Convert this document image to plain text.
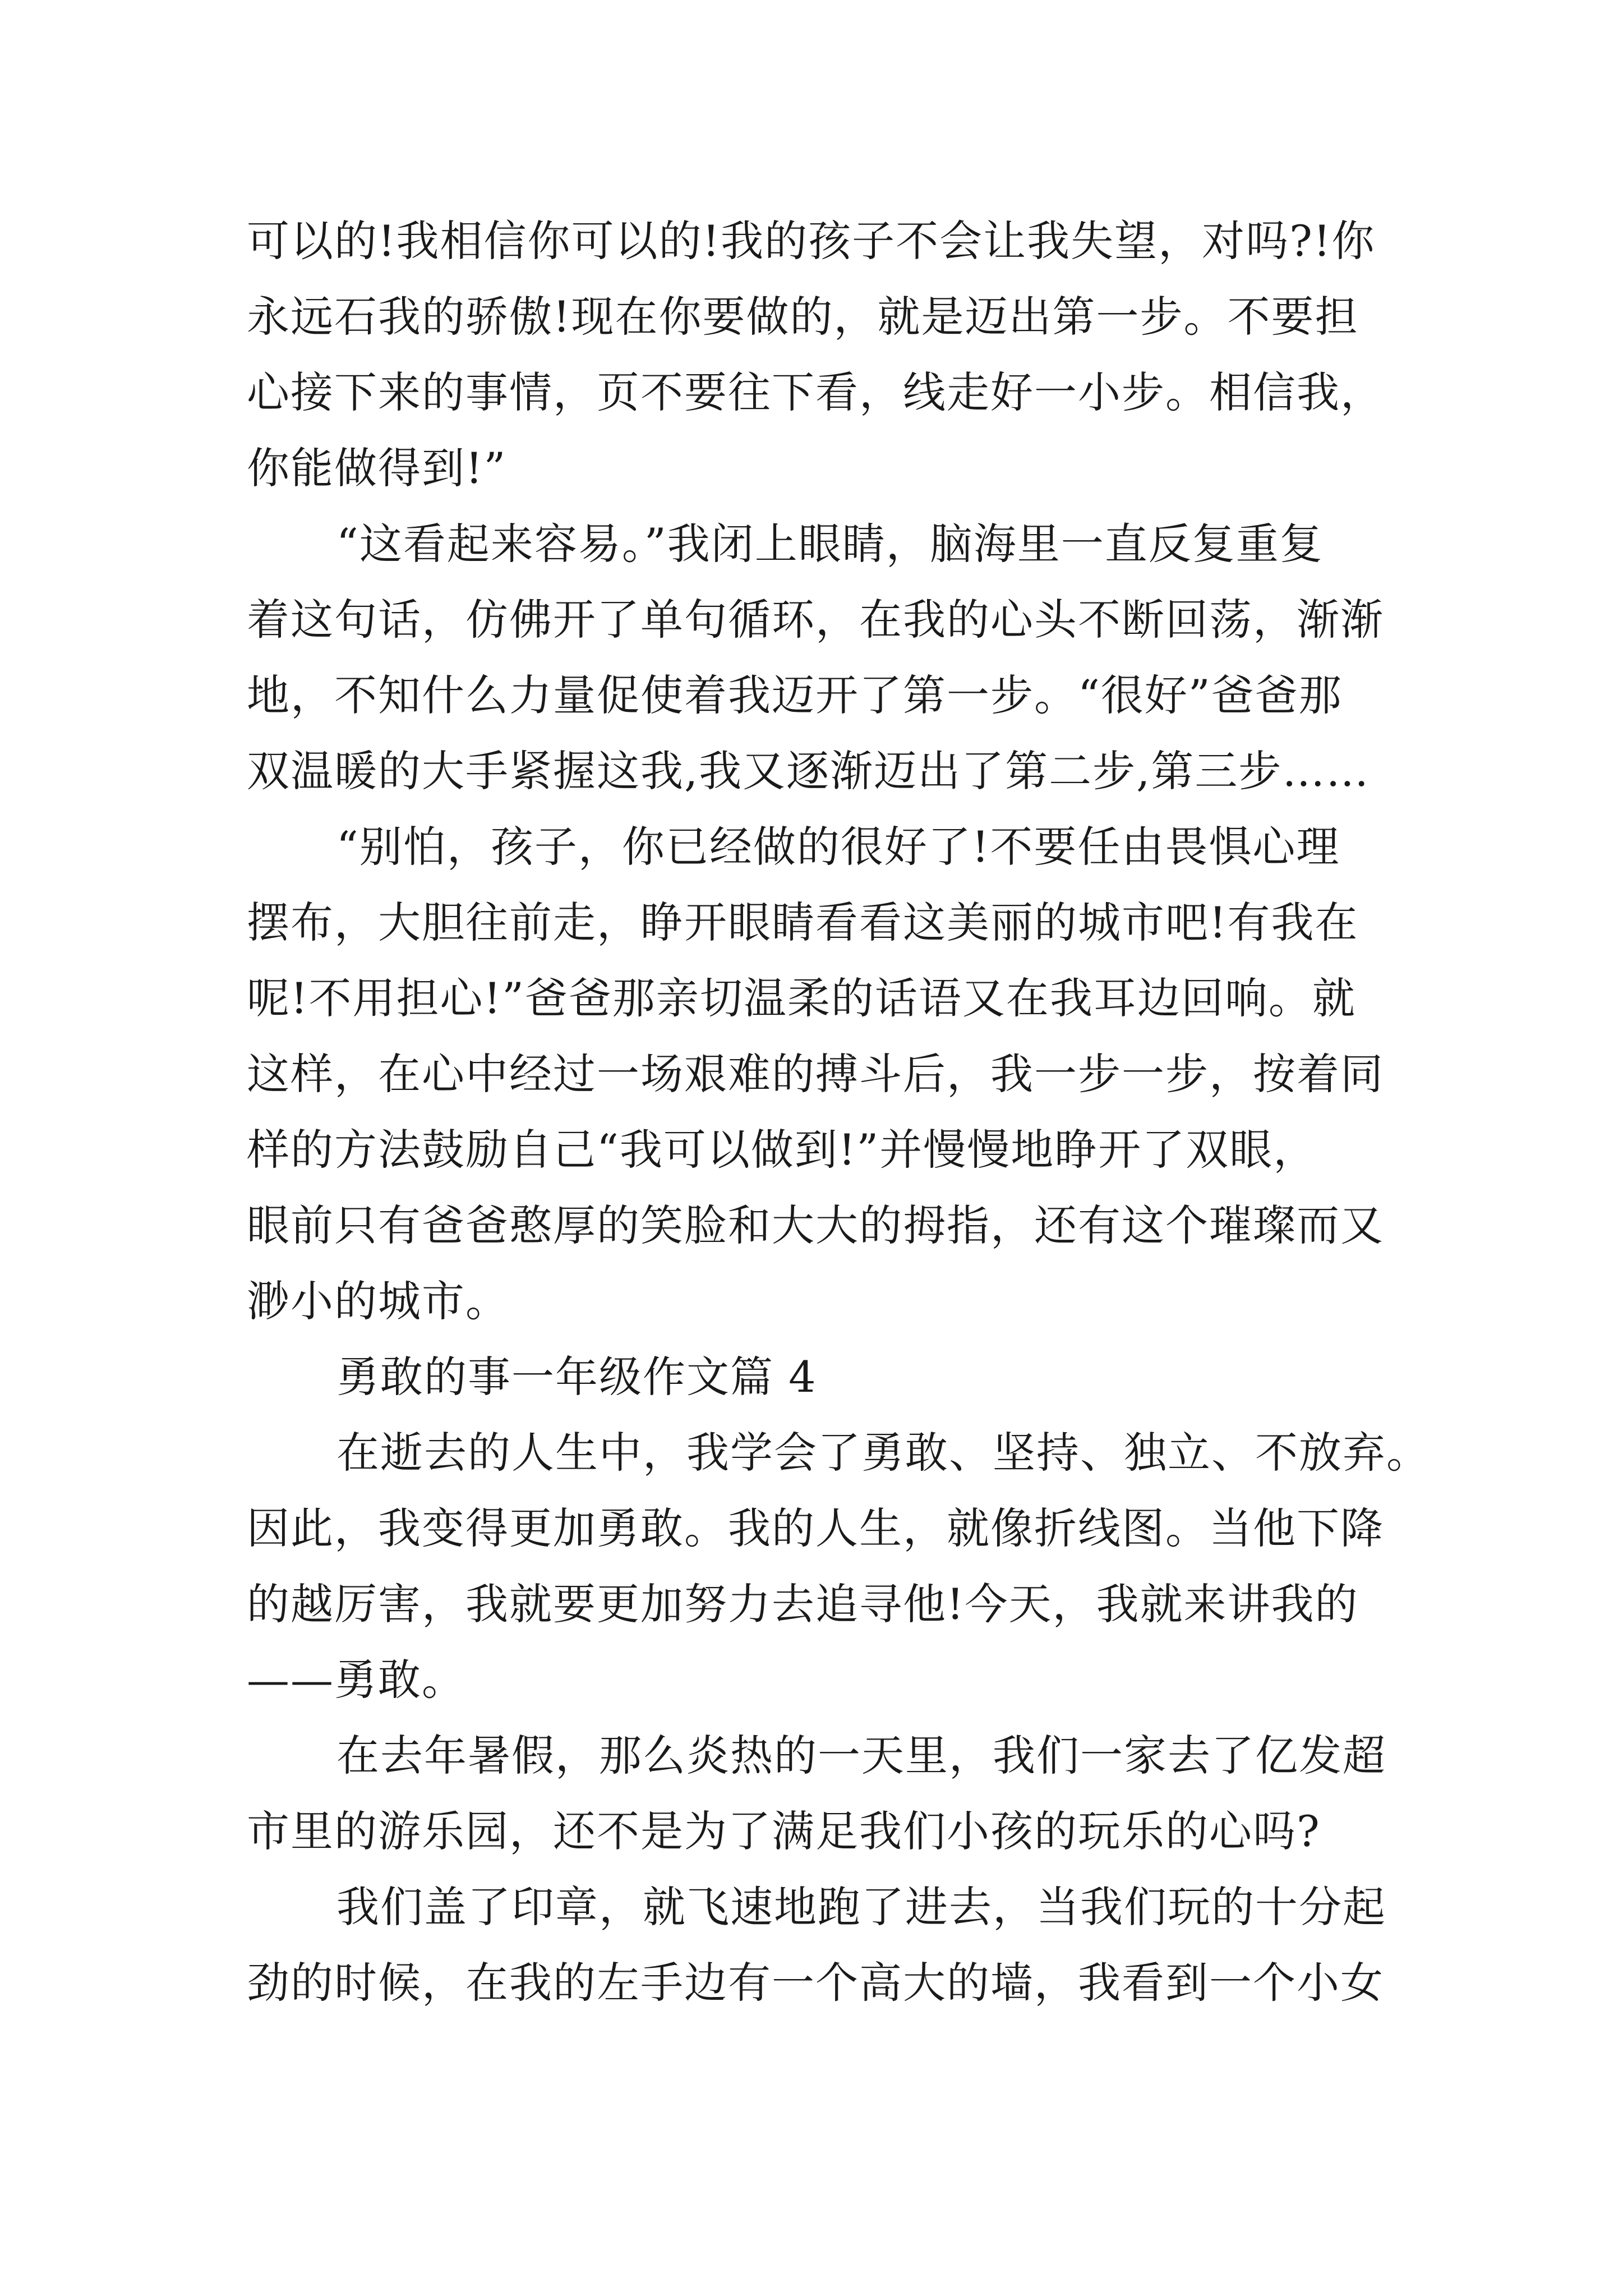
可以的!我相信你可以的!我的孩子不会让我失望，对吗?!你
永远石我的骄傲!现在你要做的，就是迈出第一步。不要担
心接下来的事情，页不要往下看，线走好一小步。相信我，
你能做得到!”
“这看起来容易。”我闭上眼睛，脑海里一直反复重复
着这句话，仿佛开了单句循环，在我的心头不断回荡，渐渐
地，不知什么力量促使着我迈开了第一步。“很好”爸爸那
双温暖的大手紧握这我,我又逐渐迈出了第二步,第三步……
“别怕，孩子，你已经做的很好了!不要任由畏惧心理
摆布，大胆往前走，睁开眼睛看看这美丽的城市吧!有我在
呢!不用担心!”爸爸那亲切温柔的话语又在我耳边回响。就
这样，在心中经过一场艰难的搏斗后，我一步一步，按着同
样的方法鼓励自己“我可以做到!”并慢慢地睁开了双眼，
眼前只有爸爸憨厚的笑脸和大大的拇指，还有这个璀璨而又
渺小的城市。
勇敢的事一年级作文篇 4
在逝去的人生中，我学会了勇敢、坚持、独立、不放弃。
因此，我变得更加勇敢。我的人生，就像折线图。当他下降
的越厉害，我就要更加努力去追寻他!今天，我就来讲我的
——勇敢。
在去年暑假，那么炎热的一天里，我们一家去了亿发超
市里的游乐园，还不是为了满足我们小孩的玩乐的心吗?
我们盖了印章，就飞速地跑了进去，当我们玩的十分起
劲的时候，在我的左手边有一个高大的墙，我看到一个小女
